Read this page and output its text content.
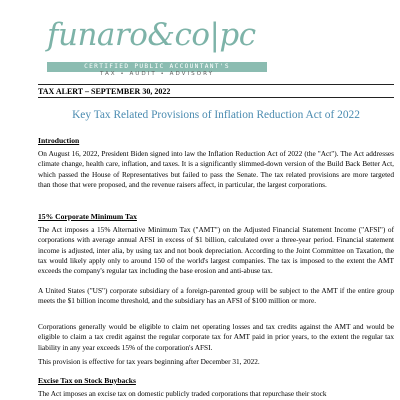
funaro&co|pc
CERTIFIED PUBLIC ACCOUNTANT'S
TAX • AUDIT • ADVISORY
TAX ALERT – SEPTEMBER 30, 2022
Key Tax Related Provisions of Inflation Reduction Act of 2022
Introduction
On August 16, 2022, President Biden signed into law the Inflation Reduction Act of 2022 (the "Act"). The Act addresses climate change, health care, inflation, and taxes. It is a significantly slimmed-down version of the Build Back Better Act, which passed the House of Representatives but failed to pass the Senate. The tax related provisions are more targeted than those that were proposed, and the revenue raisers affect, in particular, the largest corporations.
15% Corporate Minimum Tax
The Act imposes a 15% Alternative Minimum Tax ("AMT") on the Adjusted Financial Statement Income ("AFSI") of corporations with average annual AFSI in excess of $1 billion, calculated over a three-year period. Financial statement income is adjusted, inter alia, by using tax and not book depreciation. According to the Joint Committee on Taxation, the tax would likely apply only to around 150 of the world's largest companies. The tax is imposed to the extent the AMT exceeds the company's regular tax including the base erosion and anti-abuse tax.
A United States ("US") corporate subsidiary of a foreign-parented group will be subject to the AMT if the entire group meets the $1 billion income threshold, and the subsidiary has an AFSI of $100 million or more.
Corporations generally would be eligible to claim net operating losses and tax credits against the AMT and would be eligible to claim a tax credit against the regular corporate tax for AMT paid in prior years, to the extent the regular tax liability in any year exceeds 15% of the corporation's AFSI.
This provision is effective for tax years beginning after December 31, 2022.
Excise Tax on Stock Buybacks
The Act imposes an excise tax on domestic publicly traded corporations that repurchase their stock
